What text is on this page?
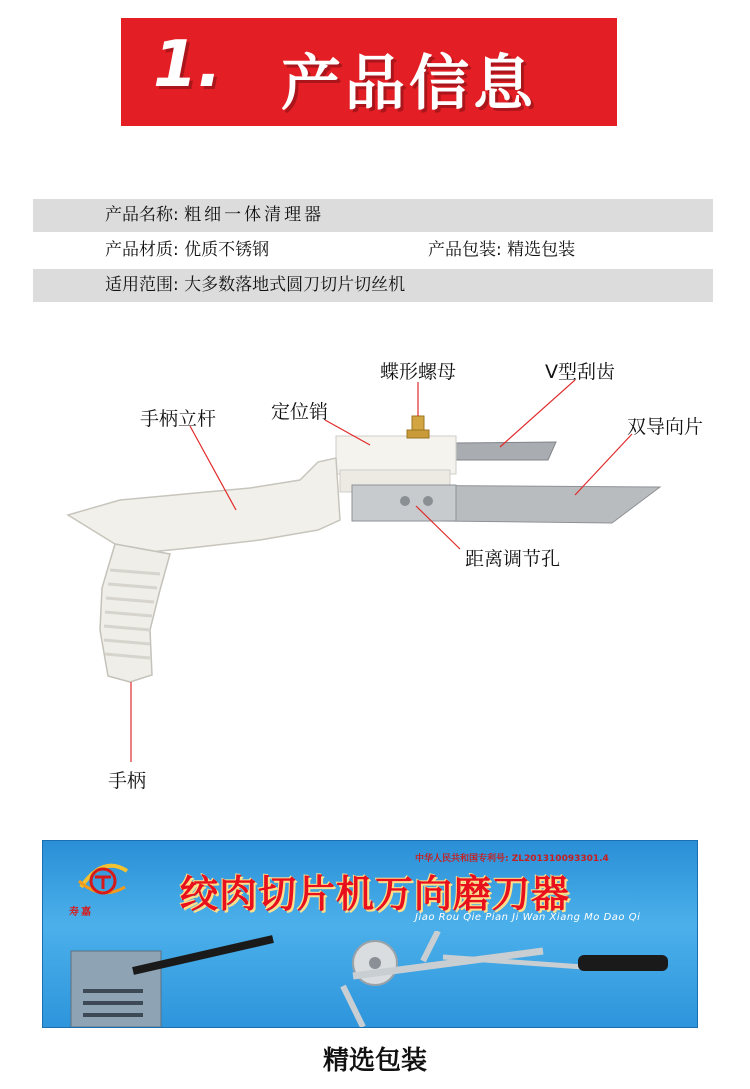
1. 产品信息
产品名称: 粗细一体清理器
产品材质: 优质不锈钢	产品包装: 精选包装
适用范围: 大多数落地式圆刀切片切丝机
蝶形螺母	V型刮齿
手柄立杆	定位销
双导向片
距离调节孔
手柄
寿嘉
中华人民共和国专利号: ZL201310093301.4
绞肉切片机万向磨刀器
Jiao Rou Qie Pian Ji Wan Xiang Mo Dao Qi
精选包装
